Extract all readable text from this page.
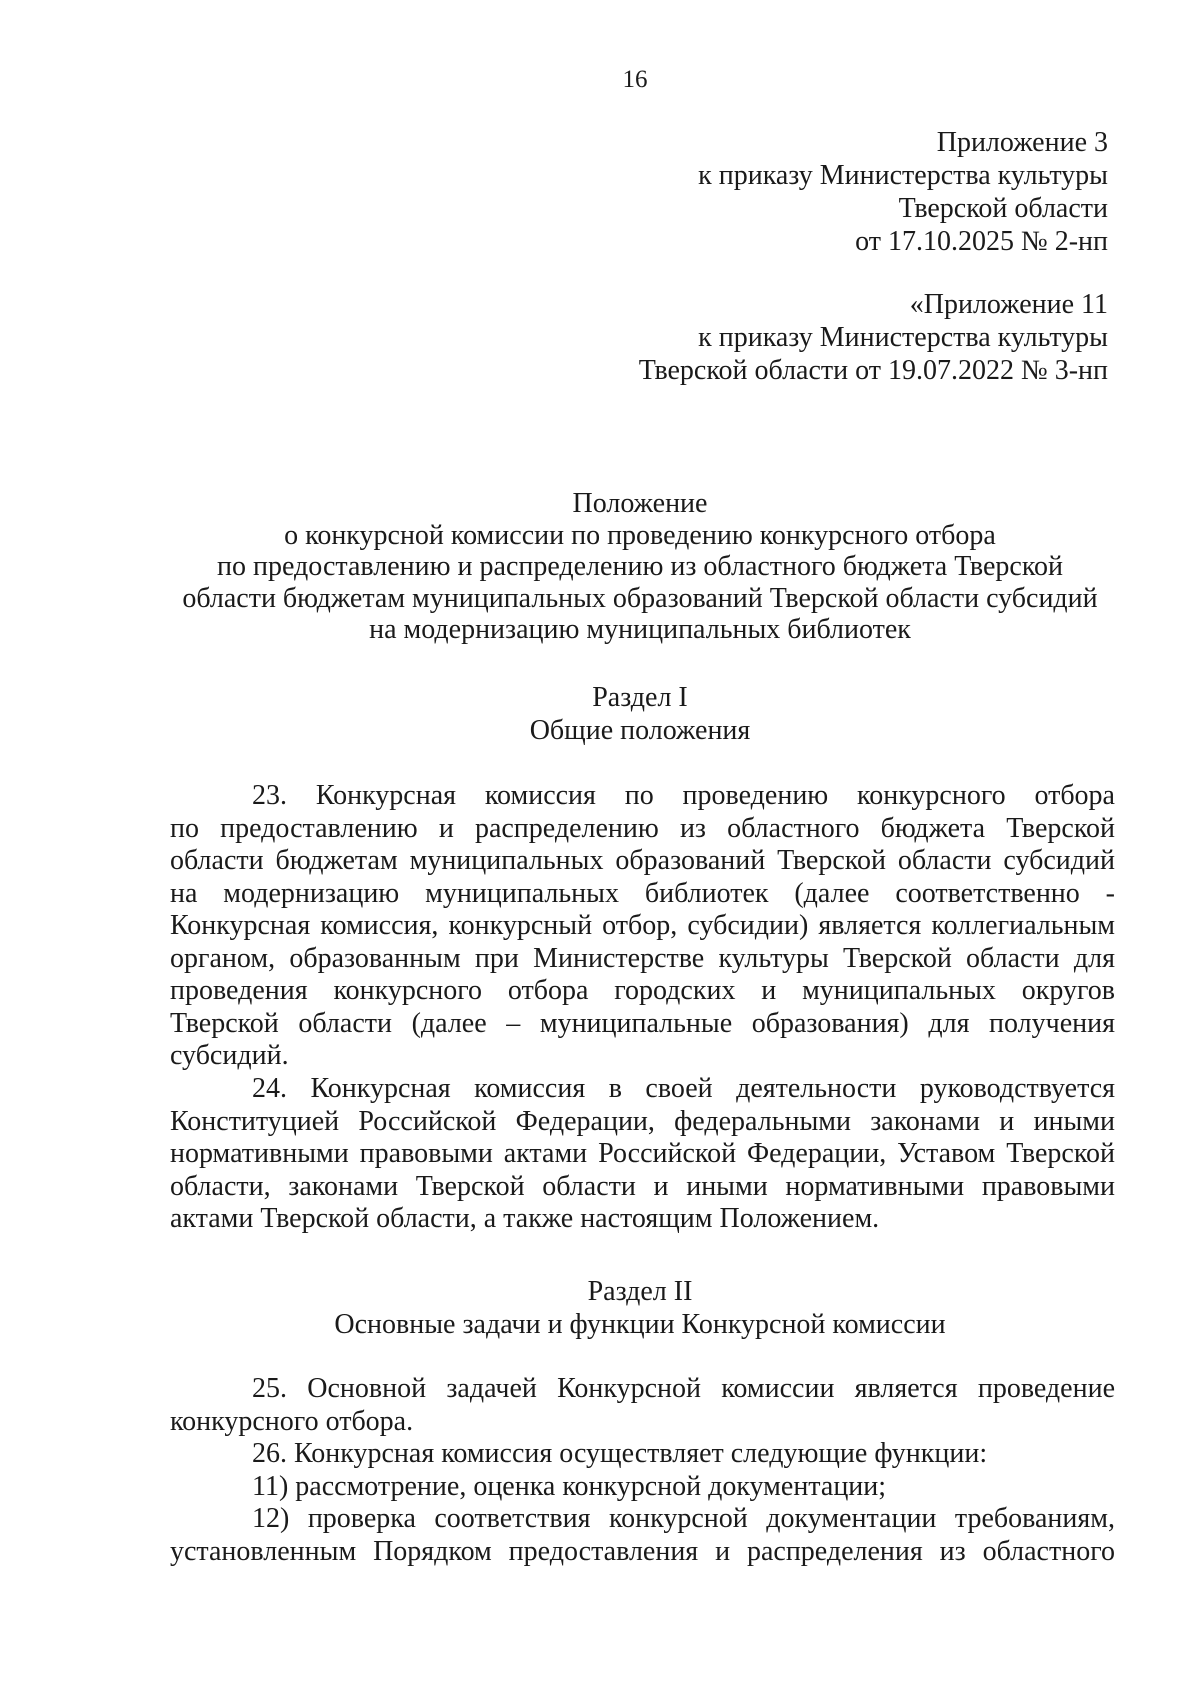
16
Приложение 3
к приказу Министерства культуры
Тверской области
от 17.10.2025 № 2-нп
«Приложение 11
к приказу Министерства культуры
Тверской области от 19.07.2022 № 3-нп
Положение
о конкурсной комиссии по проведению конкурсного отбора
по предоставлению и распределению из областного бюджета Тверской
области бюджетам муниципальных образований Тверской области субсидий
на модернизацию муниципальных библиотек
Раздел I
Общие положения
23. Конкурсная комиссия по проведению конкурсного отбора
по предоставлению и распределению из областного бюджета Тверской
области бюджетам муниципальных образований Тверской области субсидий
на модернизацию муниципальных библиотек (далее соответственно -
Конкурсная комиссия, конкурсный отбор, субсидии) является коллегиальным
органом, образованным при Министерстве культуры Тверской области для
проведения конкурсного отбора городских и муниципальных округов
Тверской области (далее – муниципальные образования) для получения
субсидий.
24. Конкурсная комиссия в своей деятельности руководствуется
Конституцией Российской Федерации, федеральными законами и иными
нормативными правовыми актами Российской Федерации, Уставом Тверской
области, законами Тверской области и иными нормативными правовыми
актами Тверской области, а также настоящим Положением.
Раздел II
Основные задачи и функции Конкурсной комиссии
25. Основной задачей Конкурсной комиссии является проведение
конкурсного отбора.
26. Конкурсная комиссия осуществляет следующие функции:
11) рассмотрение, оценка конкурсной документации;
12) проверка соответствия конкурсной документации требованиям,
установленным Порядком предоставления и распределения из областного
